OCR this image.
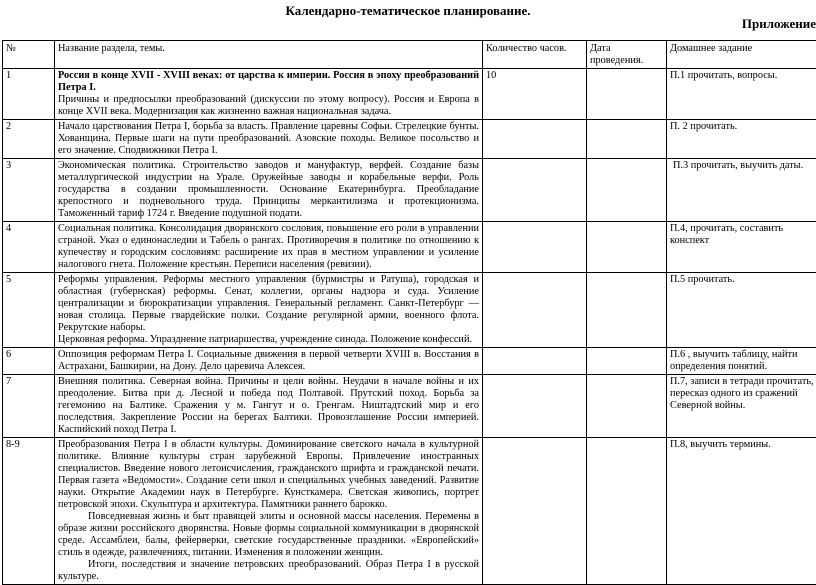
Календарно-тематическое планирование.
Приложение
№	Название раздела, темы.	Количество часов.	Дата проведения.	Домашнее задание
1	Россия в конце XVII - XVIII веках: от царства к империи. Россия в эпоху преобразований Петра I.

Причины и предпосылки преобразований (дискуссии по этому вопросу). Россия и Европа в конце XVII века. Модернизация как жизненно важная национальная задача.	10		П.1 прочитать, вопросы.
2	Начало царствования Петра I, борьба за власть. Правление царевны Софьи. Стрелецкие бунты. Хованщина. Первые шаги на пути преобразований. Азовские походы. Великое посольство и его значение. Сподвижники Петра I.			П. 2 прочитать.
3	Экономическая политика. Строительство заводов и мануфактур, верфей. Создание базы металлургической индустрии на Урале. Оружейные заводы и корабельные верфи. Роль государства в создании промышленности. Основание Екатеринбурга. Преобладание крепостного и подневольного труда. Принципы меркантилизма и протекционизма. Таможенный тариф 1724 г. Введение подушной подати.			П.3 прочитать, выучить даты.
4	Социальная политика. Консолидация дворянского сословия, повышение его роли в управлении страной. Указ о единонаследии и Табель о рангах. Противоречия в политике по отношению к купечеству и городским сословиям: расширение их прав в местном управлении и усиление налогового гнета. Положение крестьян. Переписи населения (ревизии).			П.4, прочитать, составить конспект
5	Реформы управления. Реформы местного управления (бурмистры и Ратуша), городская и областная (губернская) реформы. Сенат, коллегии, органы надзора и суда. Усиление централизации и бюрократизации управления. Генеральный регламент. Санкт-Петербург — новая столица. Первые гвардейские полки. Создание регулярной армии, военного флота. Рекрутские наборы.

Церковная реформа. Упразднение патриаршества, учреждение синода. Положение конфессий.			П.5 прочитать.
6	Оппозиция реформам Петра I. Социальные движения в первой четверти XVIII в. Восстания в Астрахани, Башкирии, на Дону. Дело царевича Алексея.			П.6 , выучить таблицу, найти определения понятий.
7	Внешняя политика. Северная война. Причины и цели войны. Неудачи в начале войны и их преодоление. Битва при д. Лесной и победа под Полтавой. Прутский поход. Борьба за гегемонию на Балтике. Сражения у м. Гангут и о. Гренгам. Ништадтский мир и его последствия. Закрепление России на берегах Балтики. Провозглашение России империей. Каспийский поход Петра I.			П.7, записи в тетради прочитать, пересказ одного из сражений Северной войны.
8-9	Преобразования Петра I в области культуры. Доминирование светского начала в культурной политике. Влияние культуры стран зарубежной Европы. Привлечение иностранных специалистов. Введение нового летоисчисления, гражданского шрифта и гражданской печати. Первая газета «Ведомости». Создание сети школ и специальных учебных заведений. Развитие науки. Открытие Академии наук в Петербурге. Кунсткамера. Светская живопись, портрет петровской эпохи. Скульптура и архитектура. Памятники раннего барокко.

Повседневная жизнь и быт правящей элиты и основной массы населения. Перемены в образе жизни российского дворянства. Новые формы социальной коммуникации в дворянской среде. Ассамблеи, балы, фейерверки, светские государственные праздники. «Европейский» стиль в одежде, развлечениях, питании. Изменения в положении женщин.
Итоги, последствия и значение петровских преобразований. Образ Петра I в русской культуре.			П.8, выучить термины.
